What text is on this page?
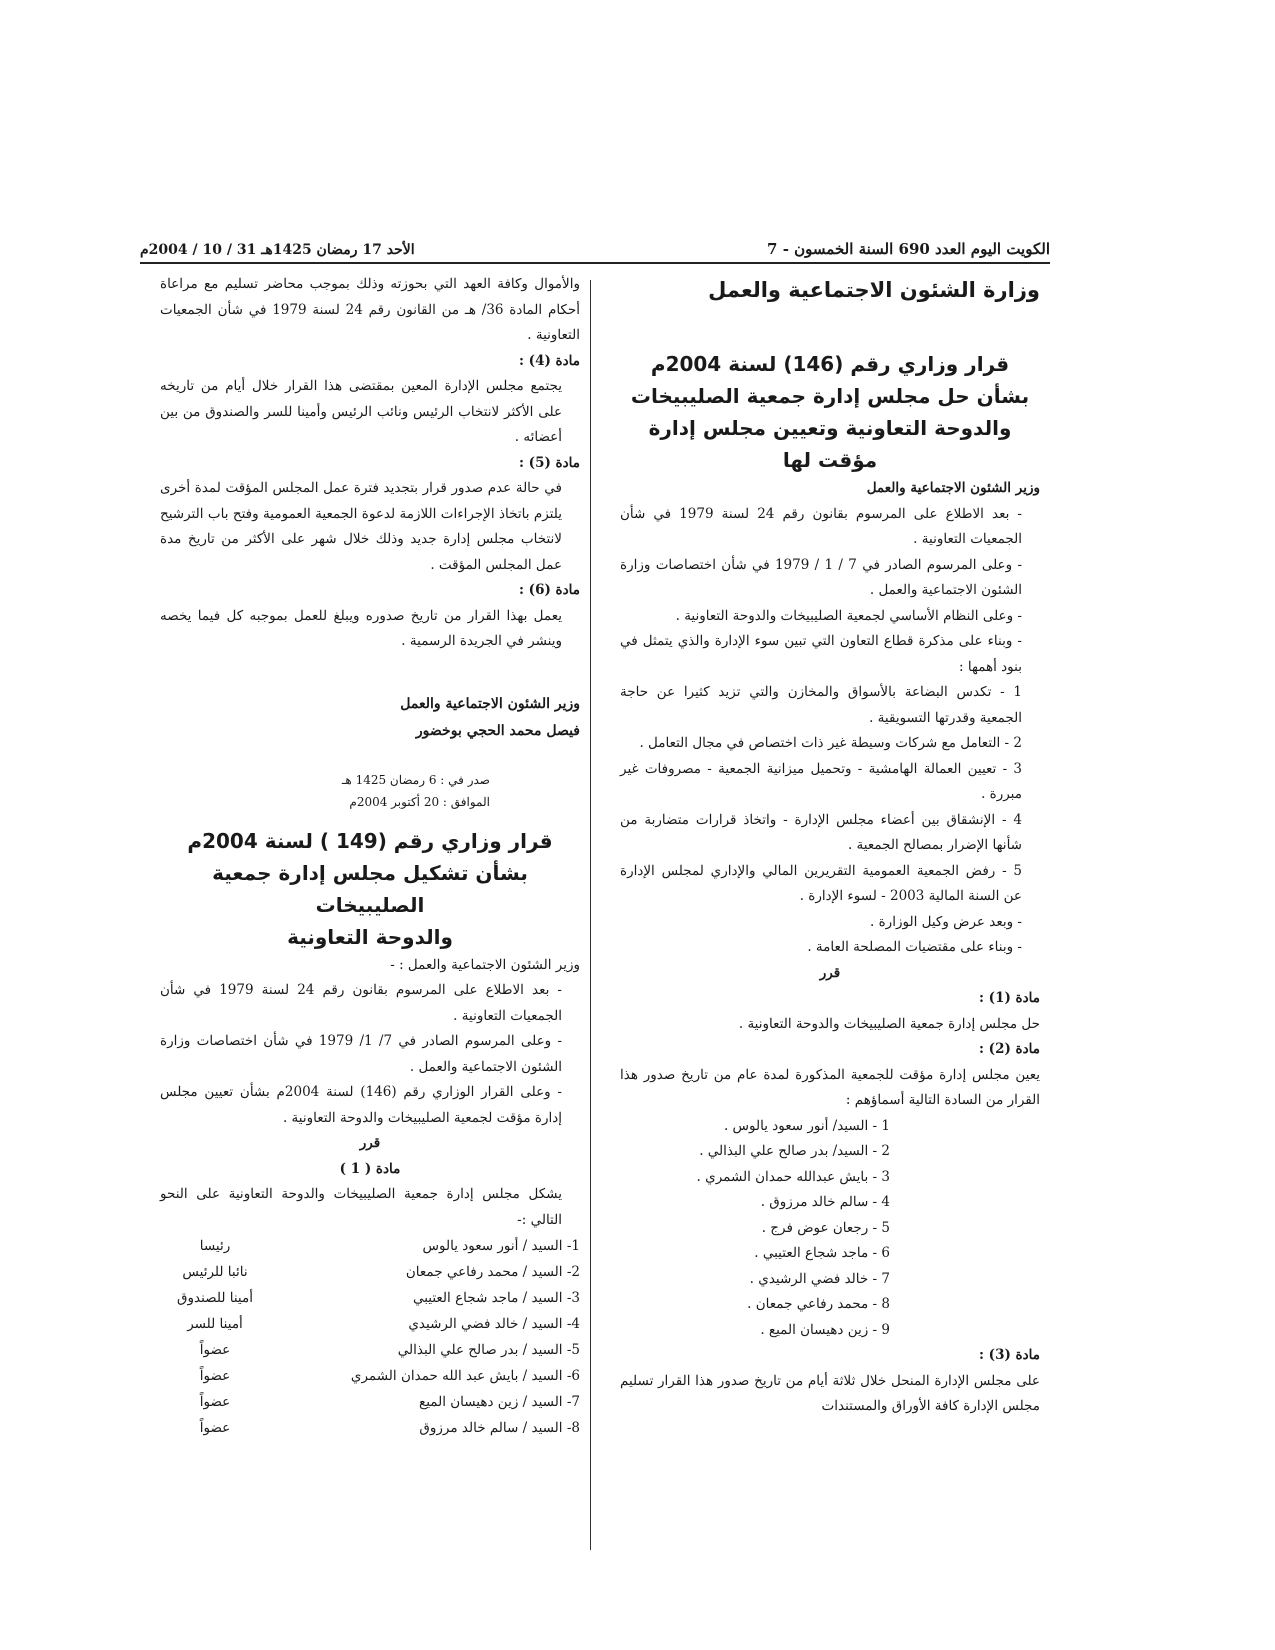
الكويت اليوم العدد 690 السنة الخمسون - 7
الأحد 17 رمضان 1425هـ 31 / 10 / 2004م

وزارة الشئون الاجتماعية والعمل

قرار وزاري رقم (146) لسنة 2004م

بشأن حل مجلس إدارة جمعية الصليبيخات

والدوحة التعاونية وتعيين مجلس إدارة مؤقت لها

وزير الشئون الاجتماعية والعمل

- بعد الاطلاع على المرسوم بقانون رقم 24 لسنة 1979 في شأن الجمعيات التعاونية .

- وعلى المرسوم الصادر في 7 / 1 / 1979 في شأن اختصاصات وزارة الشئون الاجتماعية والعمل .

- وعلى النظام الأساسي لجمعية الصليبيخات والدوحة التعاونية .

- وبناء على مذكرة قطاع التعاون التي تبين سوء الإدارة والذي يتمثل في بنود أهمها :

1 - تكدس البضاعة بالأسواق والمخازن والتي تزيد كثيرا عن حاجة الجمعية وقدرتها التسويقية .

2 - التعامل مع شركات وسيطة غير ذات اختصاص في مجال التعامل .

3 - تعيين العمالة الهامشية - وتحميل ميزانية الجمعية - مصروفات غير مبررة .

4 - الإنشقاق بين أعضاء مجلس الإدارة - واتخاذ قرارات متضاربة من شأنها الإضرار بمصالح الجمعية .

5 - رفض الجمعية العمومية التقريرين المالي والإداري لمجلس الإدارة عن السنة المالية 2003 - لسوء الإدارة .

- وبعد عرض وكيل الوزارة .

- وبناء على مقتضيات المصلحة العامة .

قرر

مادة (1) :

حل مجلس إدارة جمعية الصليبيخات والدوحة التعاونية .

مادة (2) :

يعين مجلس إدارة مؤقت للجمعية المذكورة لمدة عام من تاريخ صدور هذا القرار من السادة التالية أسماؤهم :

1 - السيد/ أنور سعود يالوس .

2 - السيد/ بدر صالح علي البذالي .

3 - بايش عبدالله حمدان الشمري .

4 - سالم خالد مرزوق .

5 - رجعان عوض فرج .

6 - ماجد شجاع العتيبي .

7 - خالد فضي الرشيدي .

8 - محمد رفاعي جمعان .

9 - زين دهيسان الميع .

مادة (3) :

على مجلس الإدارة المنحل خلال ثلاثة أيام من تاريخ صدور هذا القرار تسليم مجلس الإدارة كافة الأوراق والمستندات

والأموال وكافة العهد التي بحوزته وذلك بموجب محاضر تسليم مع مراعاة أحكام المادة 36/ هـ من القانون رقم 24 لسنة 1979 في شأن الجمعيات التعاونية .

مادة (4) :

يجتمع مجلس الإدارة المعين بمقتضى هذا القرار خلال أيام من تاريخه على الأكثر لانتخاب الرئيس ونائب الرئيس وأمينا للسر والصندوق من بين أعضائه .

مادة (5) :

في حالة عدم صدور قرار بتجديد فترة عمل المجلس المؤقت لمدة أخرى يلتزم باتخاذ الإجراءات اللازمة لدعوة الجمعية العمومية وفتح باب الترشيح لانتخاب مجلس إدارة جديد وذلك خلال شهر على الأكثر من تاريخ مدة عمل المجلس المؤقت .

مادة (6) :

يعمل بهذا القرار من تاريخ صدوره ويبلغ للعمل بموجبه كل فيما يخصه وينشر في الجريدة الرسمية .

وزير الشئون الاجتماعية والعمل

فيصل محمد الحجي بوخضور

صدر في : 6 رمضان 1425 هـ

الموافق : 20 أكتوبر 2004م

قرار وزاري رقم (149 ) لسنة 2004م

بشأن تشكيل مجلس إدارة جمعية الصليبيخات

والدوحة التعاونية

وزير الشئون الاجتماعية والعمل : -

- بعد الاطلاع على المرسوم بقانون رقم 24 لسنة 1979 في شأن الجمعيات التعاونية .

- وعلى المرسوم الصادر في 7/ 1/ 1979 في شأن اختصاصات وزارة الشئون الاجتماعية والعمل .

- وعلى القرار الوزاري رقم (146) لسنة 2004م بشأن تعيين مجلس إدارة مؤقت لجمعية الصليبيخات والدوحة التعاونية .

قرر

مادة ( 1 )

يشكل مجلس إدارة جمعية الصليبيخات والدوحة التعاونية على النحو التالي :-

1- السيد / أنور سعود يالوس	رئيسا
2- السيد / محمد رفاعي جمعان	نائبا للرئيس
3- السيد / ماجد شجاع العتيبي	أمينا للصندوق
4- السيد / خالد فضي الرشيدي	أمينا للسر
5- السيد / بدر صالح علي البذالي	عضواً
6- السيد / بايش عبد الله حمدان الشمري	عضواً
7- السيد / زين دهيسان الميع	عضواً
8- السيد / سالم خالد مرزوق	عضواً
